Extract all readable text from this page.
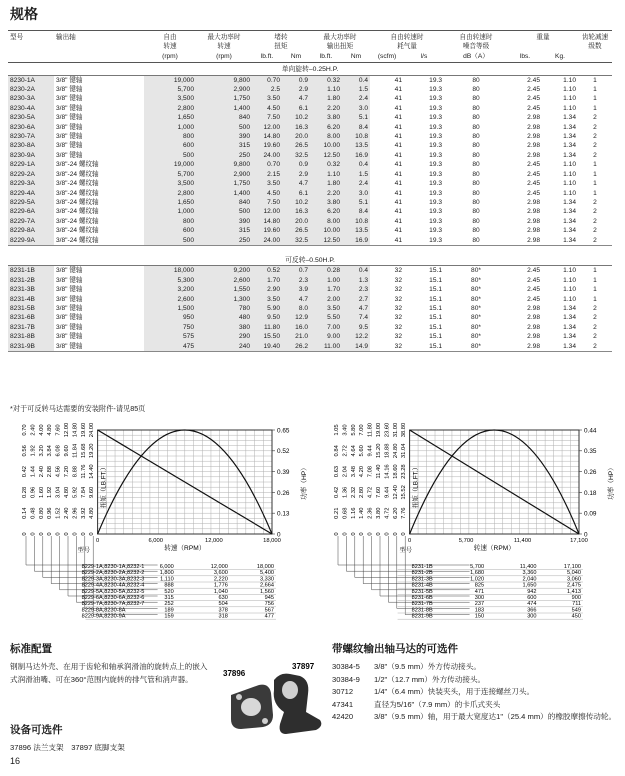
规格
型号	输出轴	自由	最大功率时	堵转		最大功率时		自由转速时		自由转速时	重量		齿轮减速
		转速	转速	扭矩		输出扭矩		耗气量		噪音等级			级数
		(rpm)	(rpm)	lb.ft.	Nm	lb.ft.	Nm	(scfm)	l/s	dB（A）	lbs.	Kg.	
单向旋转–0.25H.P.													
8230-1A	3/8" 键轴	19,000	9,800	0.70	0.9	0.32	0.4	41	19.3	80	2.45	1.10	1
8230-2A	3/8" 键轴	5,700	2,900	2.5	2.9	1.10	1.5	41	19.3	80	2.45	1.10	1
8230-3A	3/8" 键轴	3,500	1,750	3.50	4.7	1.80	2.4	41	19.3	80	2.45	1.10	1
8230-4A	3/8" 键轴	2,800	1,400	4.50	6.1	2.20	3.0	41	19.3	80	2.45	1.10	1
8230-5A	3/8" 键轴	1,650	840	7.50	10.2	3.80	5.1	41	19.3	80	2.98	1.34	2
8230-6A	3/8" 键轴	1,000	500	12.00	16.3	6.20	8.4	41	19.3	80	2.98	1.34	2
8230-7A	3/8" 键轴	800	390	14.80	20.0	8.00	10.8	41	19.3	80	2.98	1.34	2
8230-8A	3/8" 键轴	600	315	19.60	26.5	10.00	13.5	41	19.3	80	2.98	1.34	2
8230-9A	3/8" 键轴	500	250	24.00	32.5	12.50	16.9	41	19.3	80	2.98	1.34	2
8229-1A	3/8"-24 螺纹轴	19,000	9,800	0.70	0.9	0.32	0.4	41	19.3	80	2.45	1.10	1
8229-2A	3/8"-24 螺纹轴	5,700	2,900	2.15	2.9	1.10	1.5	41	19.3	80	2.45	1.10	1
8229-3A	3/8"-24 螺纹轴	3,500	1,750	3.50	4.7	1.80	2.4	41	19.3	80	2.45	1.10	1
8229-4A	3/8"-24 螺纹轴	2,800	1,400	4.50	6.1	2.20	3.0	41	19.3	80	2.45	1.10	1
8229-5A	3/8"-24 螺纹轴	1,650	840	7.50	10.2	3.80	5.1	41	19.3	80	2.98	1.34	2
8229-6A	3/8"-24 螺纹轴	1,000	500	12.00	16.3	6.20	8.4	41	19.3	80	2.98	1.34	2
8229-7A	3/8"-24 螺纹轴	800	390	14.80	20.0	8.00	10.8	41	19.3	80	2.98	1.34	2
8229-8A	3/8"-24 螺纹轴	600	315	19.60	26.5	10.00	13.5	41	19.3	80	2.98	1.34	2
8229-9A	3/8"-24 螺纹轴	500	250	24.00	32.5	12.50	16.9	41	19.3	80	2.98	1.34	2

可反转–0.50H.P.													
8231-1B	3/8" 键轴	18,000	9,200	0.52	0.7	0.28	0.4	32	15.1	80*	2.45	1.10	1
8231-2B	3/8" 键轴	5,300	2,600	1.70	2.3	1.00	1.3	32	15.1	80*	2.45	1.10	1
8231-3B	3/8" 键轴	3,200	1,550	2.90	3.9	1.70	2.3	32	15.1	80*	2.45	1.10	1
8231-4B	3/8" 键轴	2,600	1,300	3.50	4.7	2.00	2.7	32	15.1	80*	2.45	1.10	1
8231-5B	3/8" 键轴	1,500	780	5.90	8.0	3.50	4.7	32	15.1	80*	2.98	1.34	2
8231-6B	3/8" 键轴	950	480	9.50	12.9	5.50	7.4	32	15.1	80*	2.98	1.34	2
8231-7B	3/8" 键轴	750	380	11.80	16.0	7.00	9.5	32	15.1	80*	2.98	1.34	2
8231-8B	3/8" 键轴	575	290	15.50	21.0	9.00	12.2	32	15.1	80*	2.98	1.34	2
8231-9B	3/8" 键轴	475	240	19.40	26.2	11.00	14.9	32	15.1	80*	2.98	1.34	2
*对于可反转马达需要的安装附件-请见85页
0
0.13
0.26
0.39
0.52
0.65
功率（HP）
0
0.14
0.28
0.42
0.56
0.70
0
0.48
0.96
1.44
1.92
2.40
0
0.80
1.60
2.40
3.20
4.00
0
0.96
1.92
2.88
3.84
4.80
0
1.52
3.04
4.56
6.08
7.60
0
2.40
4.80
7.20
9.60
12.00
0
2.96
5.92
8.88
11.84
14.80
0
3.92
7.84
11.76
15.68
19.60
0
4.80
9.60
14.40
19.20
24.00
扭矩（LB.FT.）
0	6,000	12,000	18,000
转速（RPM）
型号
8229-1A,8230-1A,8232-1	6,000	12,000	18,000
8229-2A,8230-2A,8232-2	1,800	3,600	5,400
8229-3A,8230-3A,8232-3	1,110	2,220	3,330
8229-4A,8230-4A,8232-4	888	1,776	2,664
8229-5A,8230-5A,8232-5	520	1,040	1,560
8229-6A,8230-6A,8232-6	315	630	945
8229-7A,8230-7A,8232-7	252	504	756
8229-8A,8230-8A	189	378	567
8229-9A,8230-9A	159	318	477
0
0.09
0.18
0.26
0.35
0.44
功率（HP）
0
0.21
0.42
0.63
0.84
1.05
0
0.68
1.36
2.04
2.72
3.40
0
1.16
2.32
3.48
4.64
5.80
0
1.40
2.80
4.20
5.60
7.00
0
2.36
4.72
7.08
9.44
11.80
0
3.80
7.60
11.40
15.20
19.00
0
4.72
9.44
14.16
18.88
23.60
0
6.20
12.40
18.60
24.80
31.00
0
7.76
15.52
23.28
31.04
38.80
扭矩（LB.FT.）
0	5,700	11,400	17,100
转速（RPM）
型号
8231-1B	5,700	11,400	17,100
8231-2B	1,680	3,360	5,040
8231-3B	1,020	2,040	3,060
8231-4B	825	1,650	2,475
8231-5B	471	942	1,413
8231-6B	300	600	900
8231-7B	237	474	711
8231-8B	183	366	549
8231-9B	150	300	450
37896
37897
标准配置
钢制马达外壳、在用于齿轮和轴承润滑油的旋转点上的嵌入式润滑油嘴、可在360°范围内旋转的排气管和消声器。
设备可选件
37896 法兰支架　37897 底脚支架
带螺纹输出轴马达的可选件
30384-5	3/8"（9.5 mm）外方传动接头。
30384-9	1/2"（12.7 mm）外方传动接头。
30712	1/4"（6.4 mm）快装夹头，用于连接螺丝刀头。
47341	直径为5/16"（7.9 mm）的卡爪式夹头
42420	3/8"（9.5 mm）轴，用于最大宽度达1"（25.4 mm）的橡胶摩擦传动轮。
16
